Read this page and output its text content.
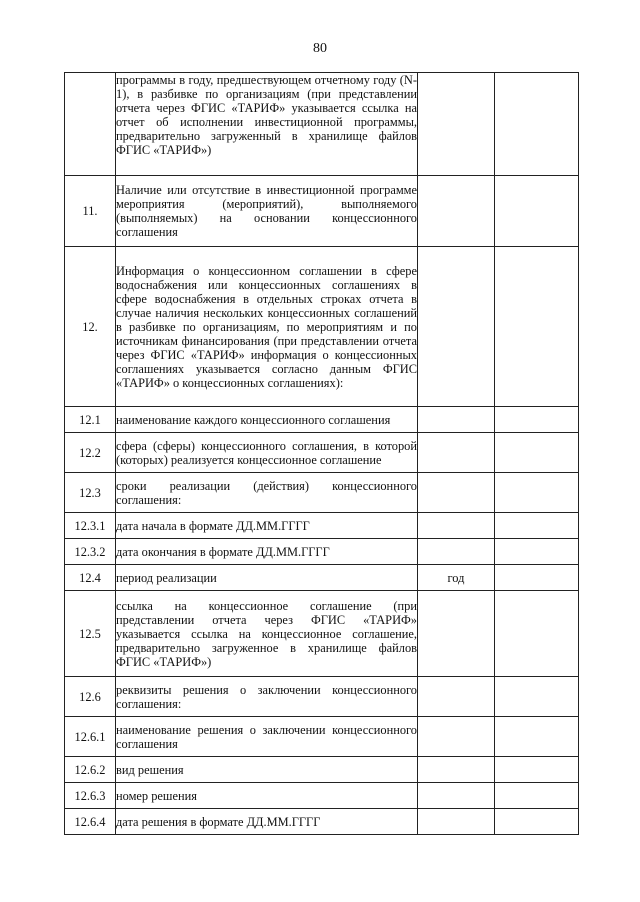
80
	программы в году, предшествующем отчетному году (N-1), в разбивке по организациям (при представлении отчета через ФГИС «ТАРИФ» указывается ссылка на отчет об исполнении инвестиционной программы, предварительно загруженный в хранилище файлов ФГИС «ТАРИФ»)		
11.	Наличие или отсутствие в инвестиционной программе мероприятия (мероприятий), выполняемого (выполняемых) на основании концессионного соглашения		
12.	Информация о концессионном соглашении в сфере водоснабжения или концессионных соглашениях в сфере водоснабжения в отдельных строках отчета в случае наличия нескольких концессионных соглашений в разбивке по организациям, по мероприятиям и по источникам финансирования (при представлении отчета через ФГИС «ТАРИФ» информация о концессионных соглашениях указывается согласно данным ФГИС «ТАРИФ» о концессионных соглашениях):		
12.1	наименование каждого концессионного соглашения		
12.2	сфера (сферы) концессионного соглашения, в которой (которых) реализуется концессионное соглашение		
12.3	сроки реализации (действия) концессионного соглашения:		
12.3.1	дата начала в формате ДД.ММ.ГГГГ		
12.3.2	дата окончания в формате ДД.ММ.ГГГГ		
12.4	период реализации	год	
12.5	ссылка на концессионное соглашение (при представлении отчета через ФГИС «ТАРИФ» указывается ссылка на концессионное соглашение, предварительно загруженное в хранилище файлов ФГИС «ТАРИФ»)		
12.6	реквизиты решения о заключении концессионного соглашения:		
12.6.1	наименование решения о заключении концессионного соглашения		
12.6.2	вид решения		
12.6.3	номер решения		
12.6.4	дата решения в формате ДД.ММ.ГГГГ		
